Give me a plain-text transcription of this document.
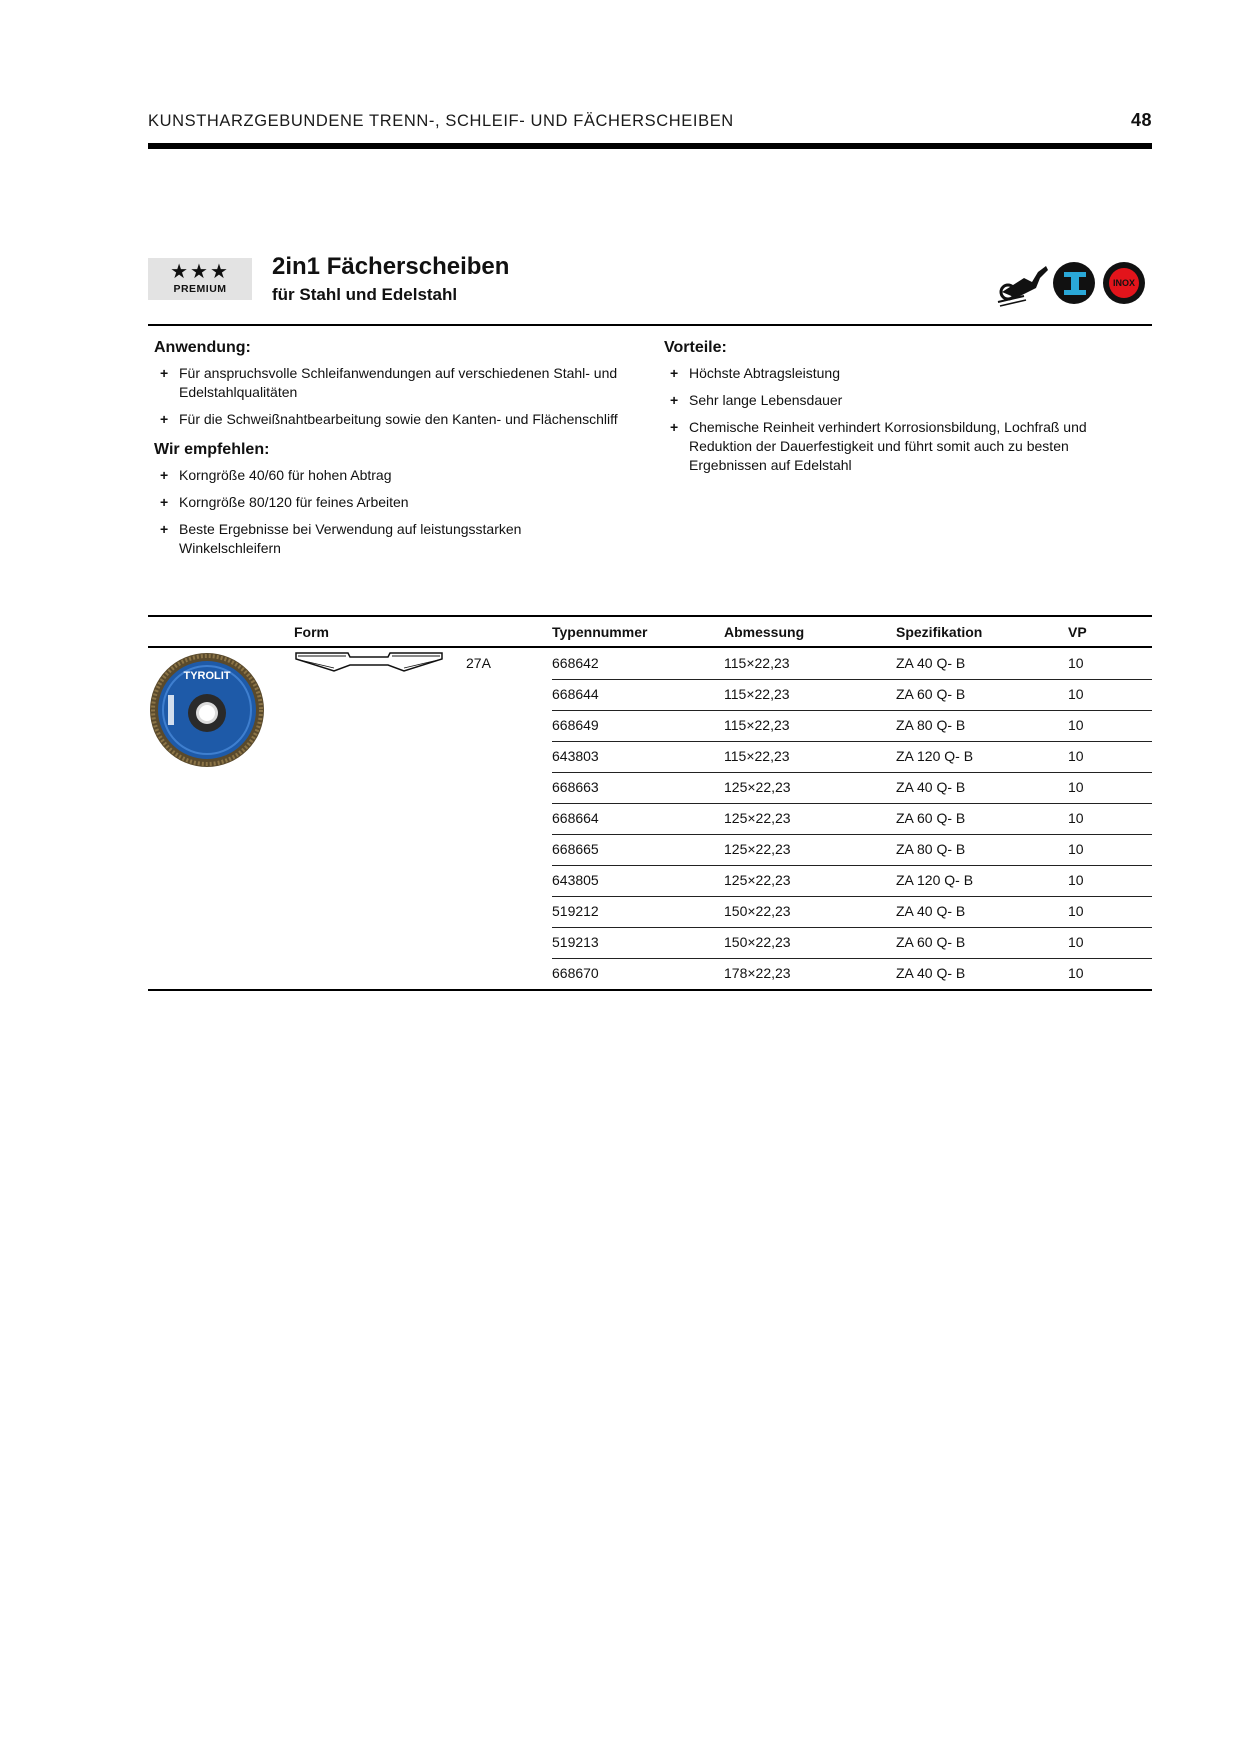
KUNSTHARZGEBUNDENE TRENN-, SCHLEIF- UND FÄCHERSCHEIBEN	48
★★★
PREMIUM
2in1 Fächerscheiben
für Stahl und Edelstahl
INOX
Anwendung:
+ Für anspruchsvolle Schleifanwendungen auf verschiedenen Stahl- und Edelstahlqualitäten
+ Für die Schweißnahtbearbeitung sowie den Kanten- und Flächenschliff
Wir empfehlen:
+ Korngröße 40/60 für hohen Abtrag
+ Korngröße 80/120 für feines Arbeiten
+ Beste Ergebnisse bei Verwendung auf leistungsstarken Winkelschleifern
Vorteile:
+ Höchste Abtragsleistung
+ Sehr lange Lebensdauer
+ Chemische Reinheit verhindert Korrosionsbildung, Lochfraß und Reduktion der Dauerfestigkeit und führt somit auch zu besten Ergebnissen auf Edelstahl
Form	Typennummer	Abmessung	Spezifikation	VP
TYROLIT
27A	668642	115×22,23	ZA 40 Q- B	10
668644	115×22,23	ZA 60 Q- B	10
668649	115×22,23	ZA 80 Q- B	10
643803	115×22,23	ZA 120 Q- B	10
668663	125×22,23	ZA 40 Q- B	10
668664	125×22,23	ZA 60 Q- B	10
668665	125×22,23	ZA 80 Q- B	10
643805	125×22,23	ZA 120 Q- B	10
519212	150×22,23	ZA 40 Q- B	10
519213	150×22,23	ZA 60 Q- B	10
668670	178×22,23	ZA 40 Q- B	10
